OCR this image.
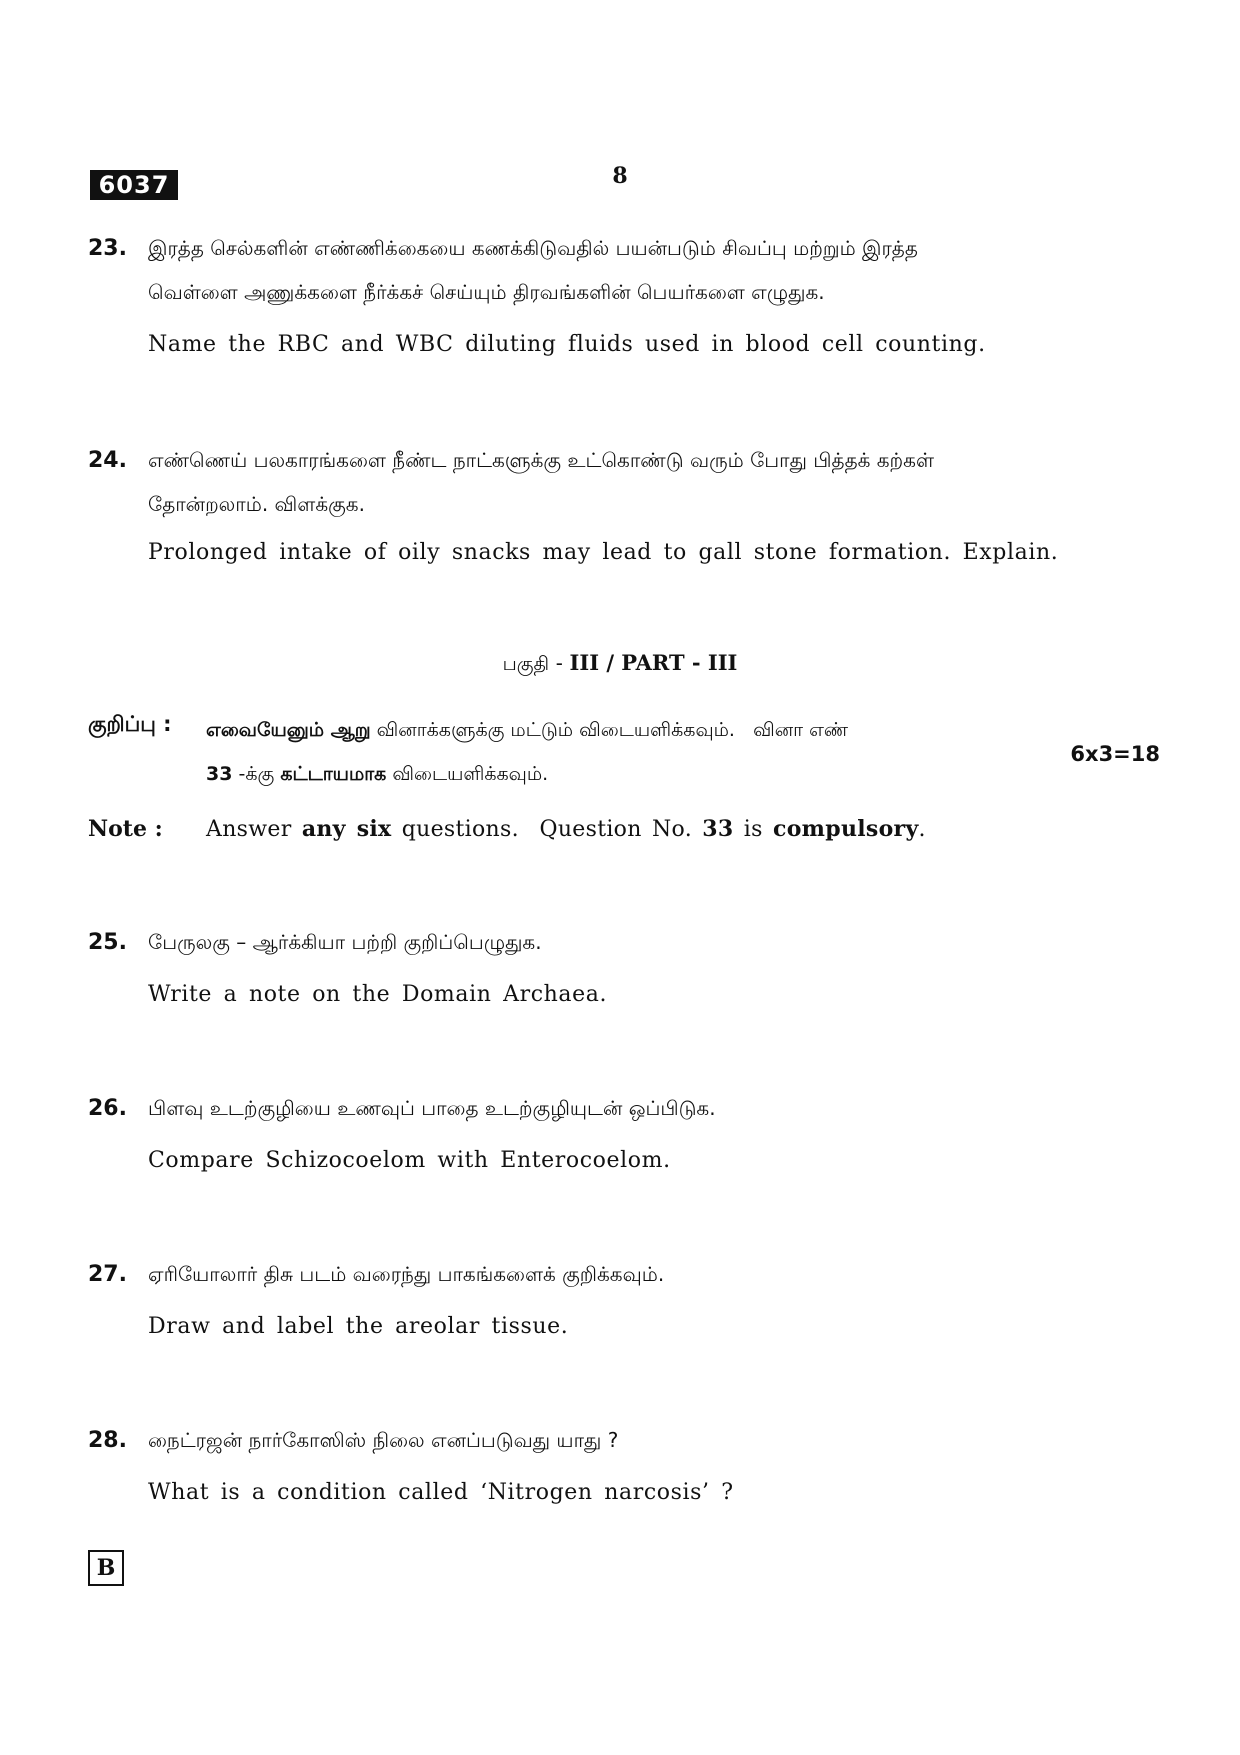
6037	8
23. இரத்த செல்களின் எண்ணிக்கையை கணக்கிடுவதில் பயன்படும் சிவப்பு மற்றும் இரத்த
வெள்ளை அணுக்களை நீர்க்கச் செய்யும் திரவங்களின் பெயர்களை எழுதுக.
Name the RBC and WBC diluting fluids used in blood cell counting.
24. எண்ணெய் பலகாரங்களை நீண்ட நாட்களுக்கு உட்கொண்டு வரும் போது பித்தக் கற்கள்
தோன்றலாம். விளக்குக.
Prolonged intake of oily snacks may lead to gall stone formation. Explain.
பகுதி - III / PART - III
குறிப்பு : எவையேனும் ஆறு வினாக்களுக்கு மட்டும் விடையளிக்கவும்.   வினா எண்
33 -க்கு கட்டாயமாக விடையளிக்கவும்.
6x3=18
Note : Answer any six questions.  Question No. 33 is compulsory.
25. பேருலகு – ஆர்க்கியா பற்றி குறிப்பெழுதுக.
Write a note on the Domain Archaea.
26. பிளவு உடற்குழியை உணவுப் பாதை உடற்குழியுடன் ஒப்பிடுக.
Compare Schizocoelom with Enterocoelom.
27. ஏரியோலார் திசு படம் வரைந்து பாகங்களைக் குறிக்கவும்.
Draw and label the areolar tissue.
28. நைட்ரஜன் நார்கோஸிஸ் நிலை எனப்படுவது யாது ?
What is a condition called ‘Nitrogen narcosis’ ?
B
